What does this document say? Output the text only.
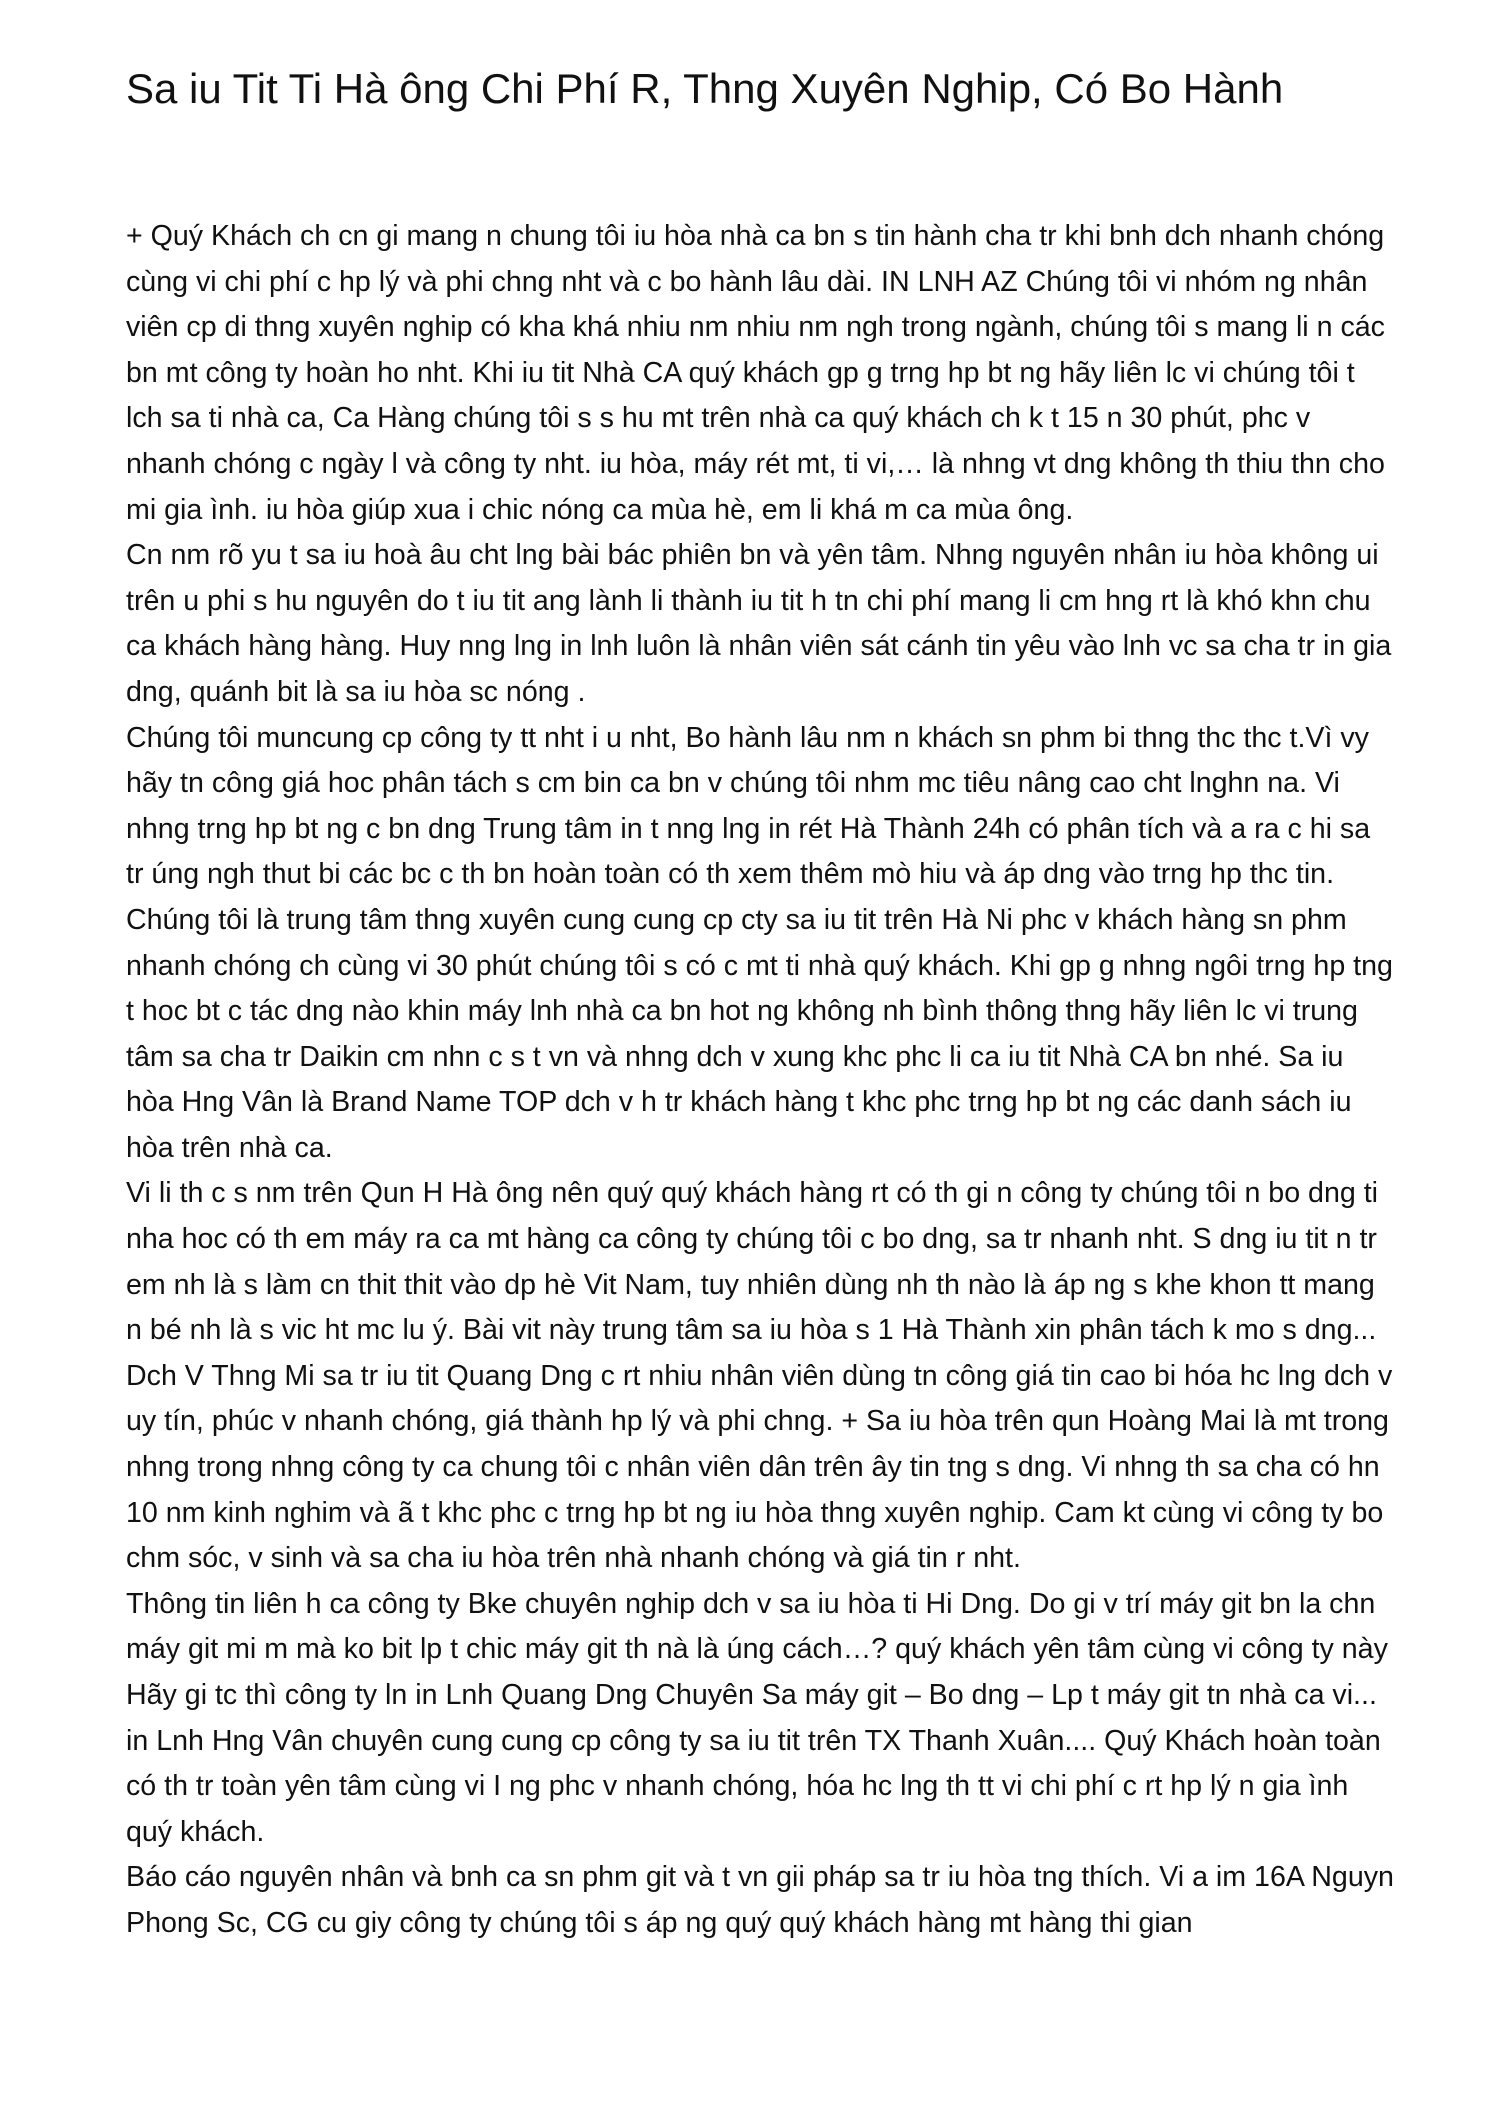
Sa iu Tit Ti Hà ông Chi Phí R, Thng Xuyên Nghip, Có Bo Hành

+ Quý Khách ch cn gi mang n chung tôi iu hòa nhà ca bn s tin hành cha tr khi bnh dch nhanh chóng cùng vi chi phí c hp lý và phi chng nht và c bo hành lâu dài. IN LNH AZ Chúng tôi vi nhóm ng nhân viên cp di thng xuyên nghip có kha khá nhiu nm nhiu nm ngh trong ngành, chúng tôi s mang li n các bn mt công ty hoàn ho nht. Khi iu tit Nhà CA quý khách gp g trng hp bt ng hãy liên lc vi chúng tôi t lch sa ti nhà ca, Ca Hàng chúng tôi s s hu mt trên nhà ca quý khách ch k t 15 n 30 phút, phc v nhanh chóng c ngày l và công ty nht. iu hòa, máy rét mt, ti vi,… là nhng vt dng không th thiu thn cho mi gia ình. iu hòa giúp xua i chic nóng ca mùa hè, em li khá m ca mùa ông.

Cn nm rõ yu t sa iu hoà âu cht lng bài bác phiên bn và yên tâm. Nhng nguyên nhân iu hòa không ui trên u phi s hu nguyên do t iu tit ang lành li thành iu tit h tn chi phí mang li cm hng rt là khó khn chu ca khách hàng hàng. Huy nng lng in lnh luôn là nhân viên sát cánh tin yêu vào lnh vc sa cha tr in gia dng, quánh bit là sa iu hòa sc nóng .

Chúng tôi muncung cp công ty tt nht i u nht, Bo hành lâu nm n khách sn phm bi thng thc thc t.Vì vy hãy tn công giá hoc phân tách s cm bin ca bn v chúng tôi nhm mc tiêu nâng cao cht lnghn na. Vi nhng trng hp bt ng c bn dng Trung tâm in t nng lng in rét Hà Thành 24h có phân tích và a ra c hi sa tr úng ngh thut bi các bc c th bn hoàn toàn có th xem thêm mò hiu và áp dng vào trng hp thc tin. Chúng tôi là trung tâm thng xuyên cung cung cp cty sa iu tit trên Hà Ni phc v khách hàng sn phm nhanh chóng ch cùng vi 30 phút chúng tôi s có c mt ti nhà quý khách. Khi gp g nhng ngôi trng hp tng t hoc bt c tác dng nào khin máy lnh nhà ca bn hot ng không nh bình thông thng hãy liên lc vi trung tâm sa cha tr Daikin cm nhn c s t vn và nhng dch v xung khc phc li ca iu tit Nhà CA bn nhé. Sa iu hòa Hng Vân là Brand Name TOP dch v h tr khách hàng t khc phc trng hp bt ng các danh sách iu hòa trên nhà ca.

Vi li th c s nm trên Qun H Hà ông nên quý quý khách hàng rt có th gi n công ty chúng tôi n bo dng ti nha hoc có th em máy ra ca mt hàng ca công ty chúng tôi c bo dng, sa tr nhanh nht. S dng iu tit n tr em nh là s làm cn thit thit vào dp hè Vit Nam, tuy nhiên dùng nh th nào là áp ng s khe khon tt mang n bé nh là s vic ht mc lu ý. Bài vit này trung tâm sa iu hòa s 1 Hà Thành xin phân tách k mo s dng...

Dch V Thng Mi sa tr iu tit Quang Dng c rt nhiu nhân viên dùng tn công giá tin cao bi hóa hc lng dch v uy tín, phúc v nhanh chóng, giá thành hp lý và phi chng. + Sa iu hòa trên qun Hoàng Mai là mt trong nhng trong nhng công ty ca chung tôi c nhân viên dân trên ây tin tng s dng. Vi nhng th sa cha có hn 10 nm kinh nghim và ã t khc phc c trng hp bt ng iu hòa thng xuyên nghip. Cam kt cùng vi công ty bo chm sóc, v sinh và sa cha iu hòa trên nhà nhanh chóng và giá tin r nht.

Thông tin liên h ca công ty Bke chuyên nghip dch v sa iu hòa ti Hi Dng. Do gi v trí máy git bn la chn máy git mi m mà ko bit lp t chic máy git th nà là úng cách…? quý khách yên tâm cùng vi công ty này Hãy gi tc thì công ty ln in Lnh Quang Dng Chuyên Sa máy git – Bo dng – Lp t máy git tn nhà ca vi... in Lnh Hng Vân chuyên cung cung cp công ty sa iu tit trên TX Thanh Xuân.... Quý Khách hoàn toàn có th tr toàn yên tâm cùng vi I ng phc v nhanh chóng, hóa hc lng th tt vi chi phí c rt hp lý n gia ình quý khách.

Báo cáo nguyên nhân và bnh ca sn phm git và t vn gii pháp sa tr iu hòa tng thích. Vi a im 16A Nguyn Phong Sc, CG cu giy công ty chúng tôi s áp ng quý quý khách hàng mt hàng thi gian
